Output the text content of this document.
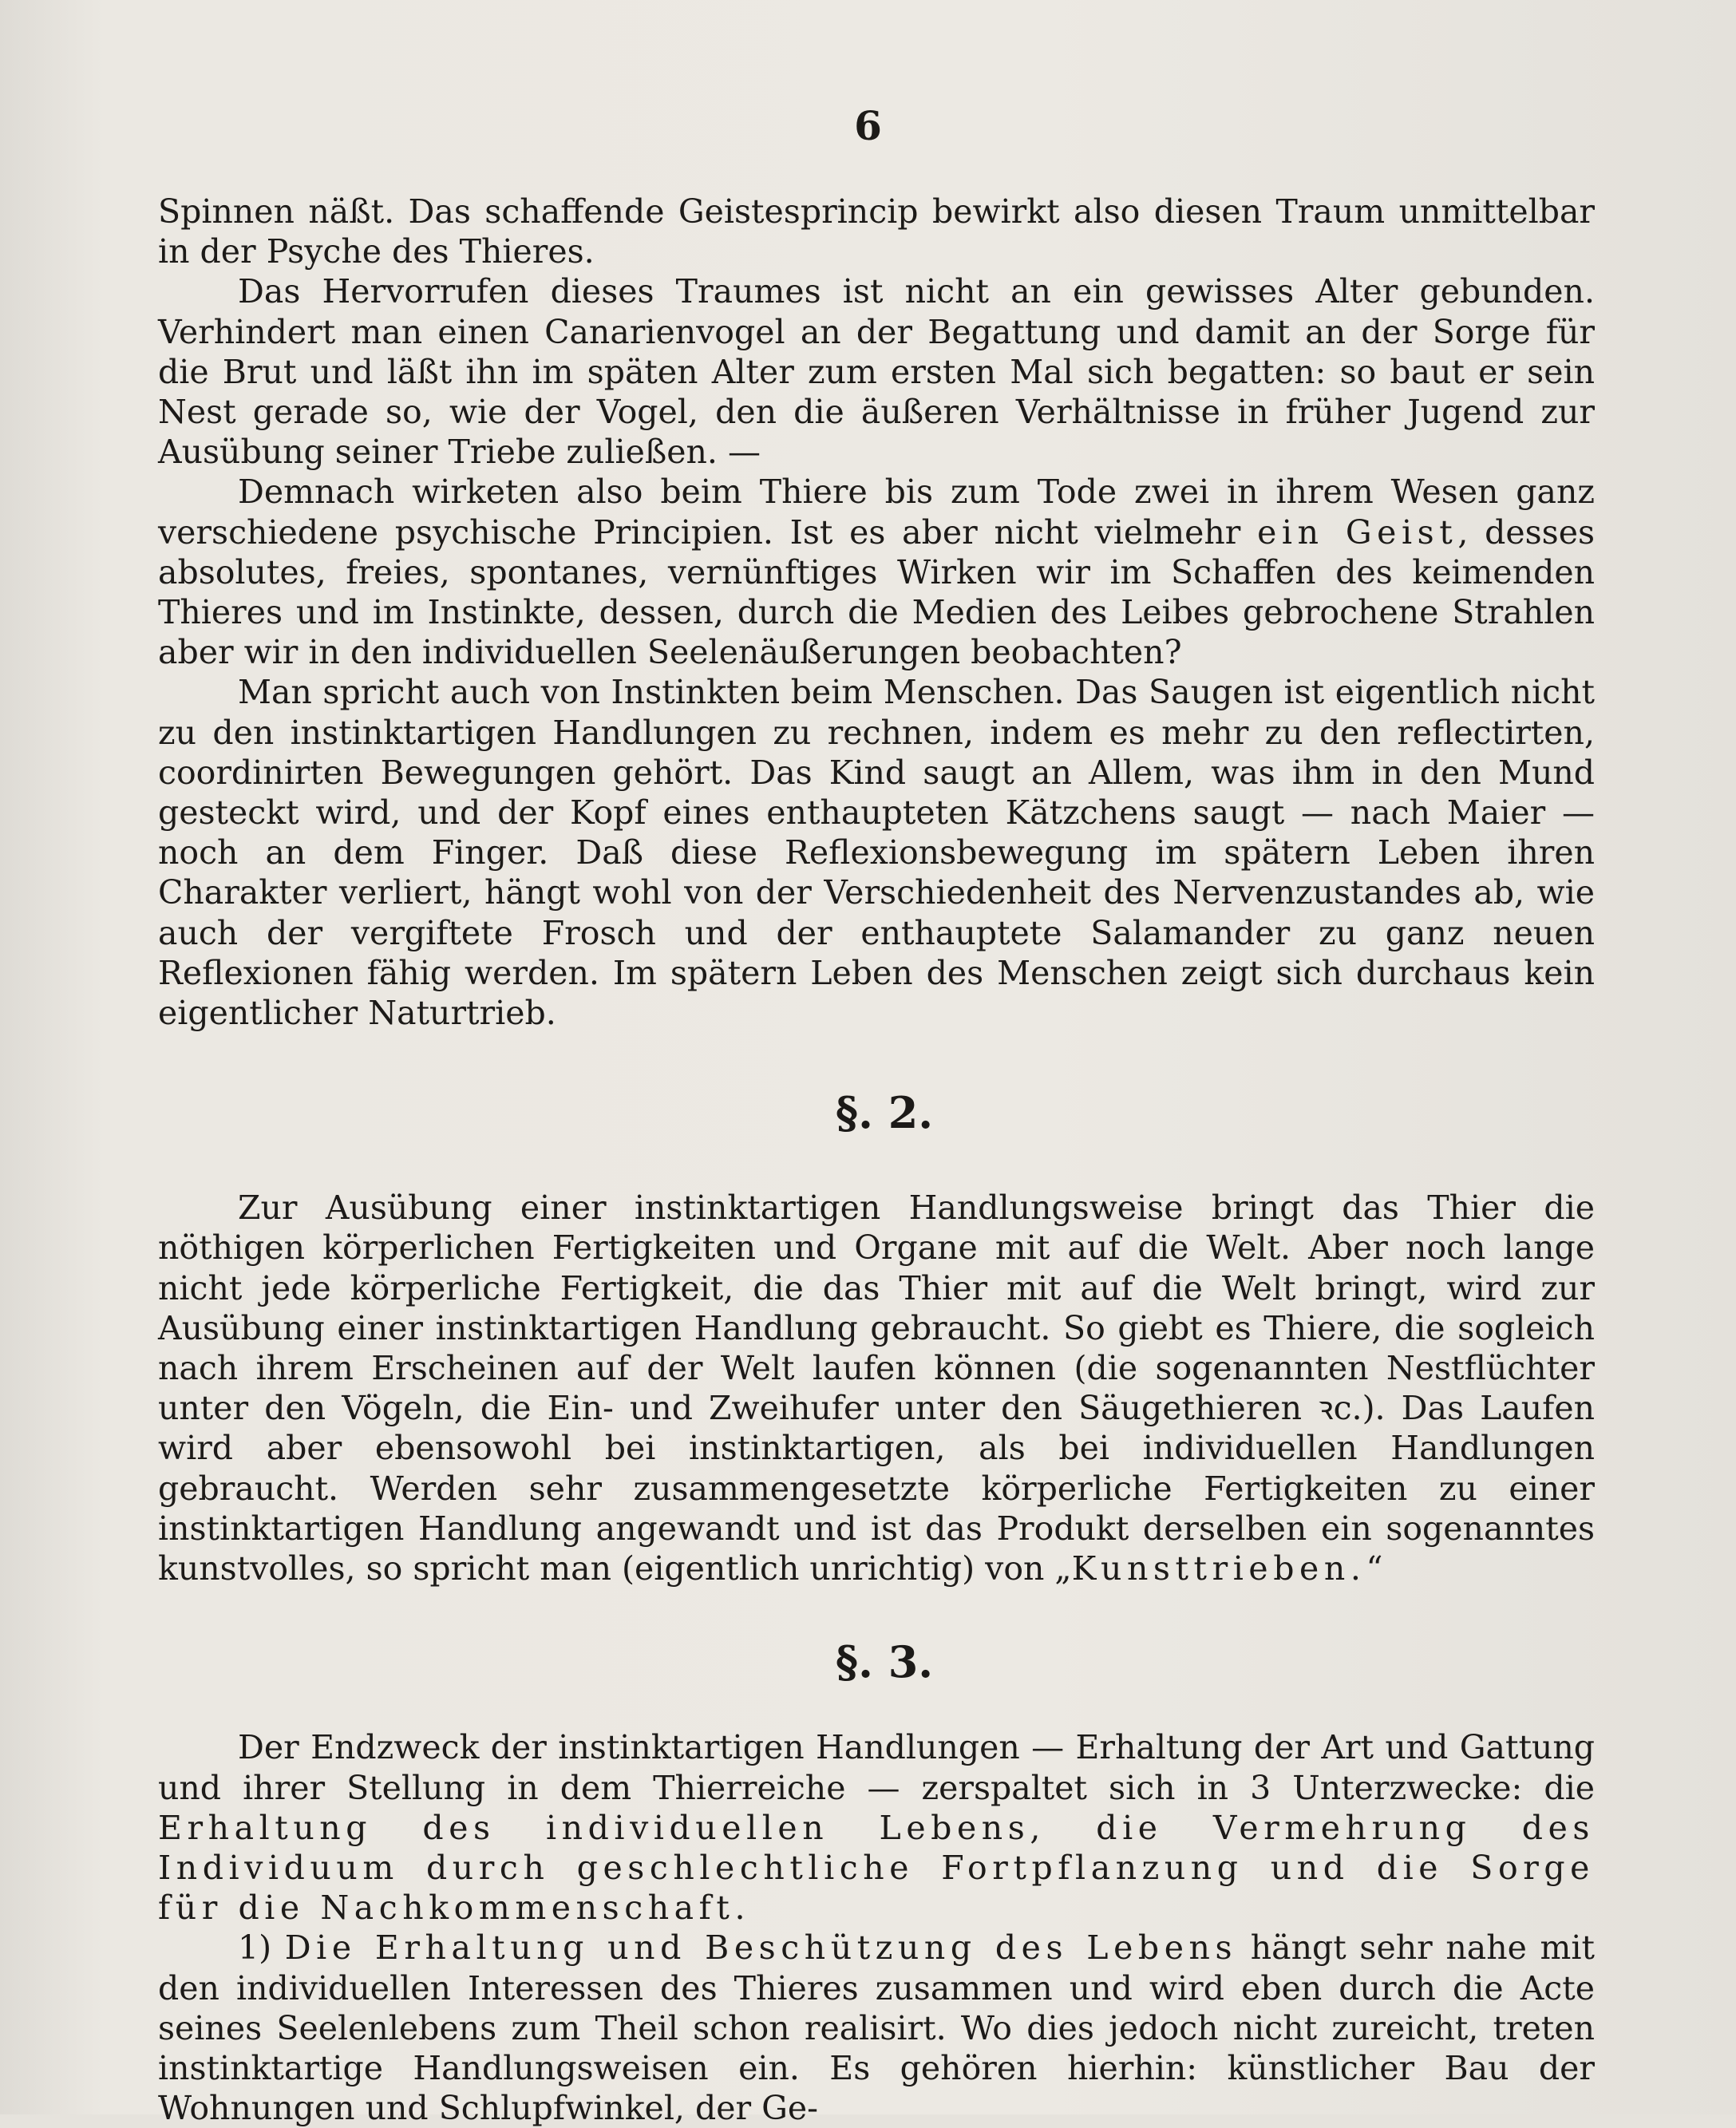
6

Spinnen näßt. Das schaffende Geistesprincip bewirkt also diesen Traum unmittelbar in der Psyche des Thieres.

Das Hervorrufen dieses Traumes ist nicht an ein gewisses Alter gebunden. Verhindert man einen Canarienvogel an der Begattung und damit an der Sorge für die Brut und läßt ihn im späten Alter zum ersten Mal sich begatten: so baut er sein Nest gerade so, wie der Vogel, den die äußeren Verhältnisse in früher Jugend zur Ausübung seiner Triebe zuließen. —

Demnach wirketen also beim Thiere bis zum Tode zwei in ihrem Wesen ganz verschiedene psychische Principien. Ist es aber nicht vielmehr ein Geist, desses absolutes, freies, spontanes, vernünftiges Wirken wir im Schaffen des keimenden Thieres und im Instinkte, dessen, durch die Medien des Leibes gebrochene Strahlen aber wir in den individuellen Seelenäußerungen beobachten?

Man spricht auch von Instinkten beim Menschen. Das Saugen ist eigentlich nicht zu den instinktartigen Handlungen zu rechnen, indem es mehr zu den reflectirten, coordinirten Bewegungen gehört. Das Kind saugt an Allem, was ihm in den Mund gesteckt wird, und der Kopf eines enthaupteten Kätzchens saugt — nach Maier — noch an dem Finger. Daß diese Reflexionsbewegung im spätern Leben ihren Charakter verliert, hängt wohl von der Verschiedenheit des Nervenzustandes ab, wie auch der vergiftete Frosch und der enthauptete Salamander zu ganz neuen Reflexionen fähig werden. Im spätern Leben des Menschen zeigt sich durchaus kein eigentlicher Naturtrieb.

§. 2.

Zur Ausübung einer instinktartigen Handlungsweise bringt das Thier die nöthigen körperlichen Fertigkeiten und Organe mit auf die Welt. Aber noch lange nicht jede körperliche Fertigkeit, die das Thier mit auf die Welt bringt, wird zur Ausübung einer instinktartigen Handlung gebraucht. So giebt es Thiere, die sogleich nach ihrem Erscheinen auf der Welt laufen können (die sogenannten Nestflüchter unter den Vögeln, die Ein- und Zweihufer unter den Säugethieren ꝛc.). Das Laufen wird aber ebensowohl bei instinktartigen, als bei individuellen Handlungen gebraucht. Werden sehr zusammengesetzte körperliche Fertigkeiten zu einer instinktartigen Handlung angewandt und ist das Produkt derselben ein sogenanntes kunstvolles, so spricht man (eigentlich unrichtig) von „Kunsttrieben.“

§. 3.

Der Endzweck der instinktartigen Handlungen — Erhaltung der Art und Gattung und ihrer Stellung in dem Thierreiche — zerspaltet sich in 3 Unterzwecke: die Erhaltung des individuellen Lebens, die Vermehrung des Individuum durch geschlechtliche Fortpflanzung und die Sorge für die Nachkommenschaft.

1) Die Erhaltung und Beschützung des Lebens hängt sehr nahe mit den individuellen Interessen des Thieres zusammen und wird eben durch die Acte seines Seelenlebens zum Theil schon realisirt. Wo dies jedoch nicht zureicht, treten instinktartige Handlungsweisen ein. Es gehören hierhin: künstlicher Bau der Wohnungen und Schlupfwinkel, der Ge-
